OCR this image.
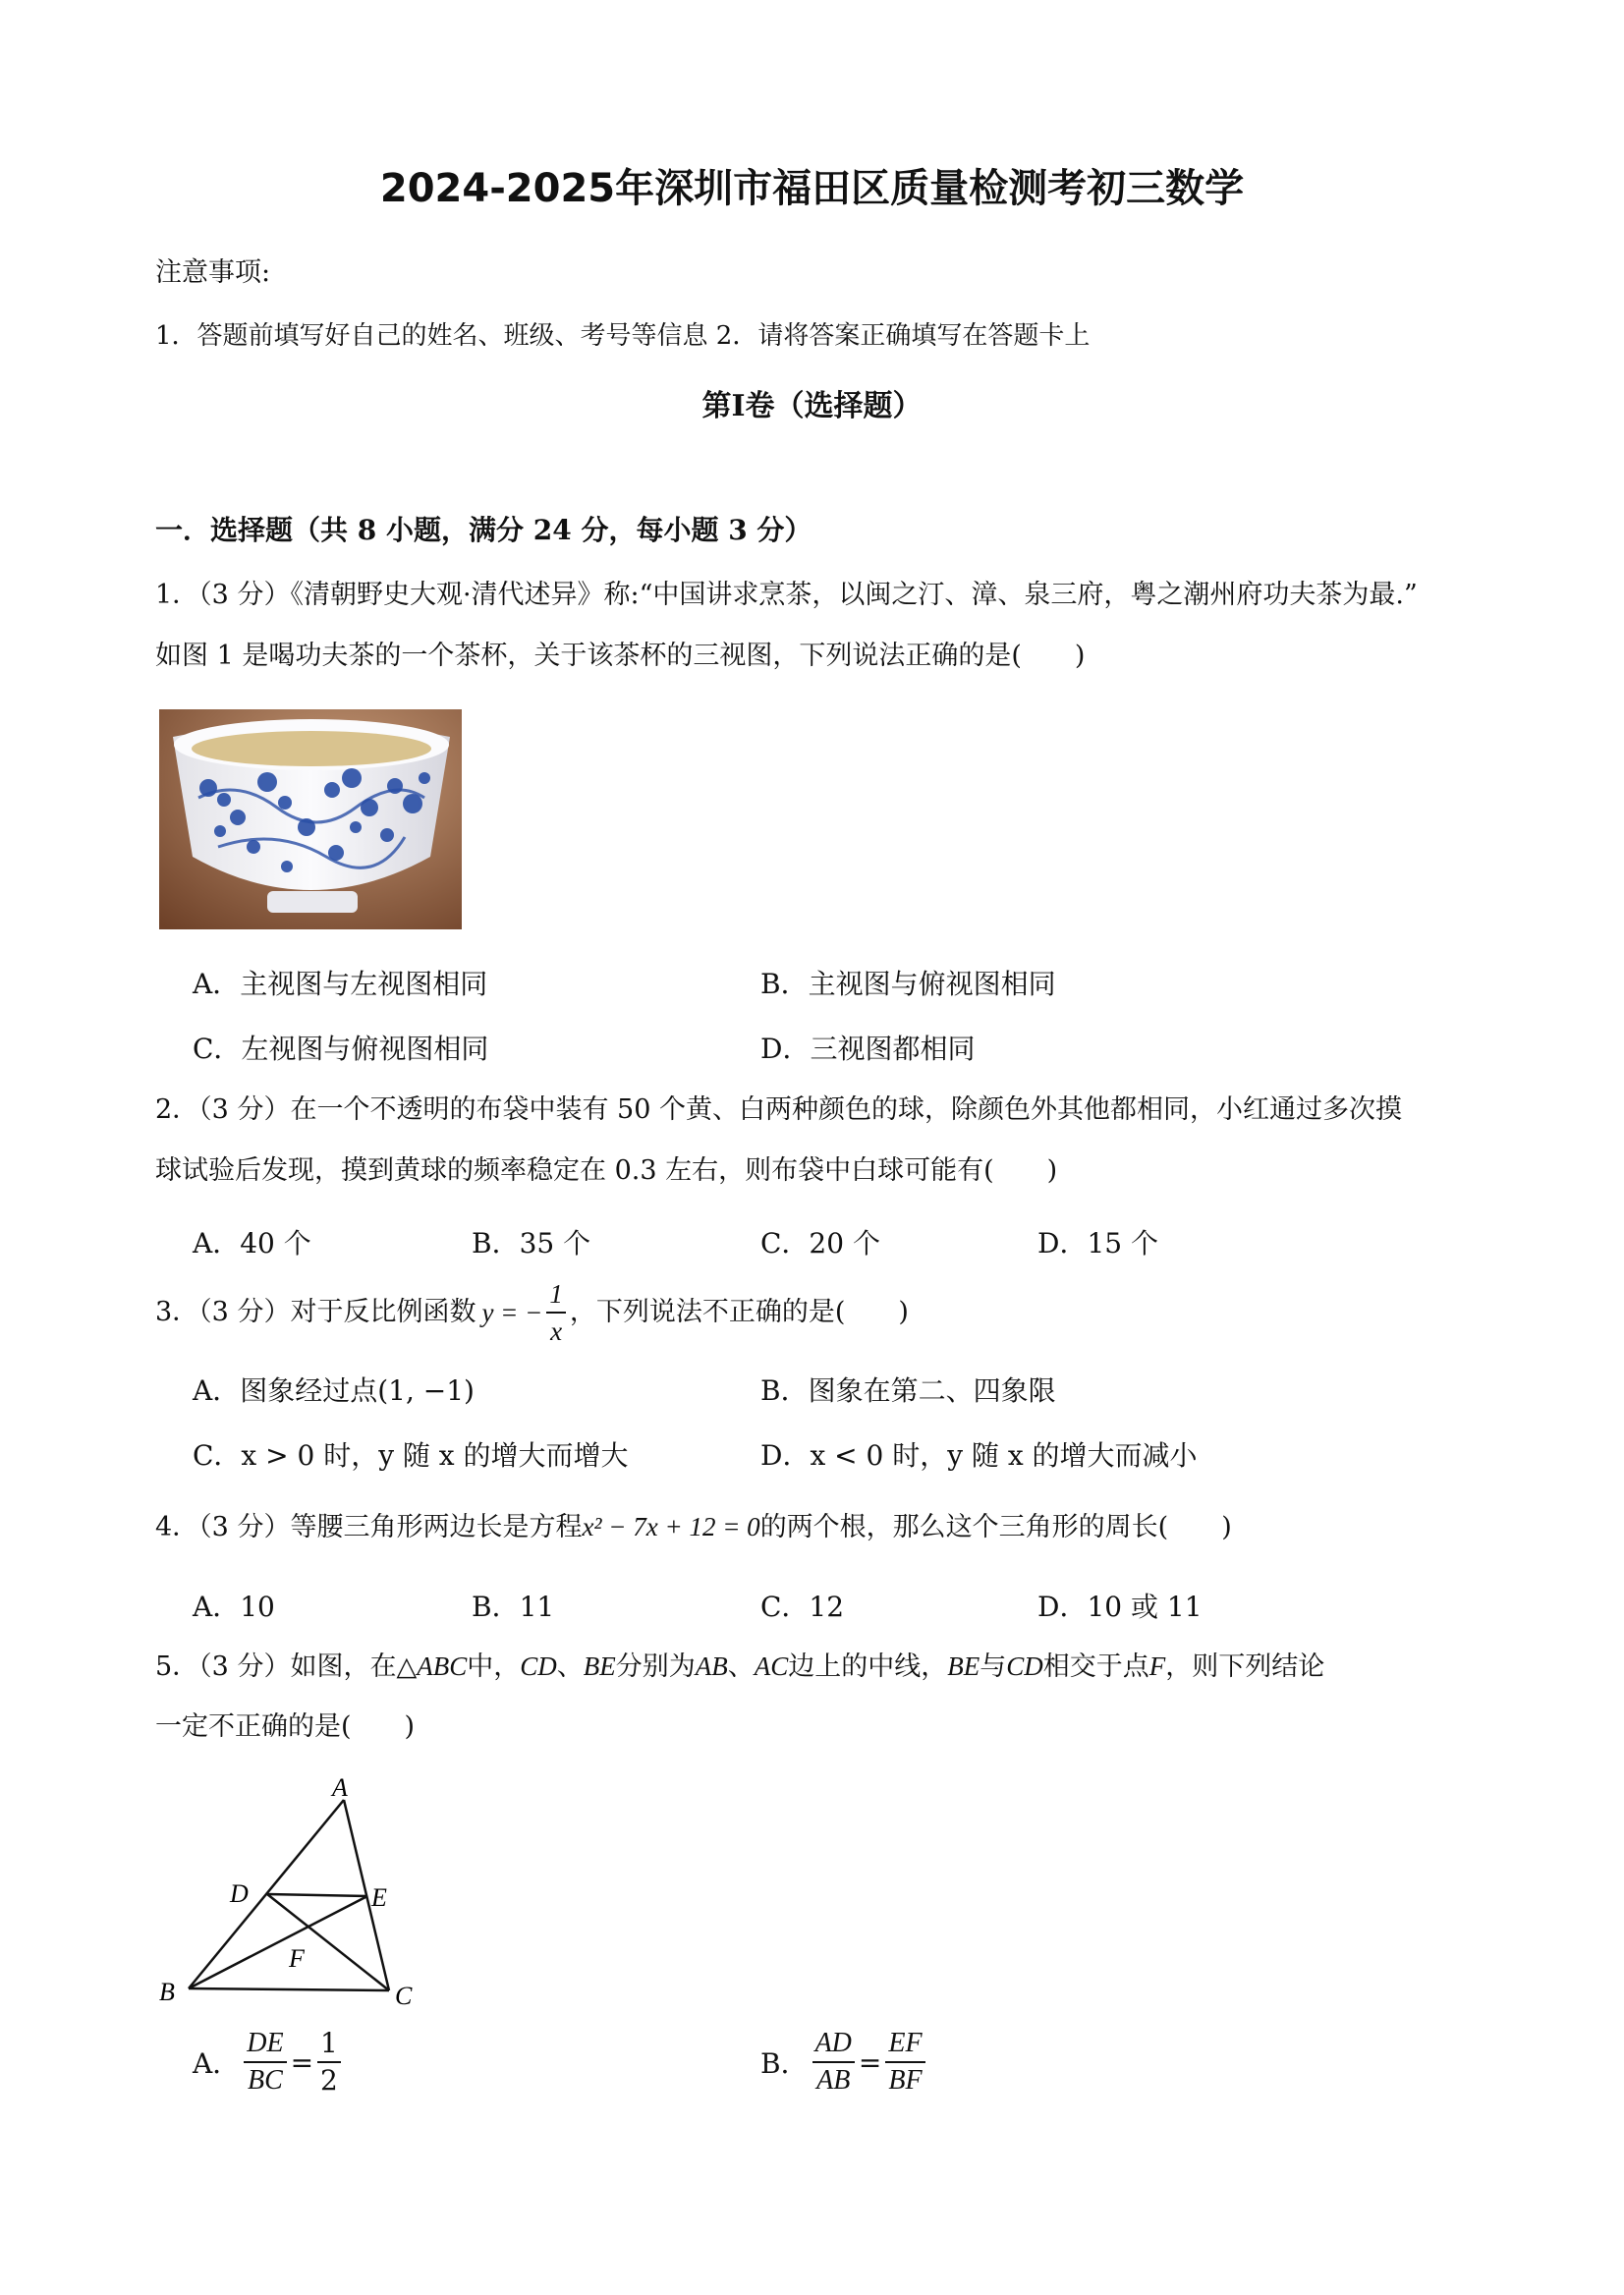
2024-2025年深圳市福田区质量检测考初三数学
注意事项:
1．答题前填写好自己的姓名、班级、考号等信息 2．请将答案正确填写在答题卡上
第Ⅰ卷（选择题）
一．选择题（共 8 小题，满分 24 分，每小题 3 分）
1．（3 分）《清朝野史大观·清代述异》称:“中国讲求烹茶，以闽之汀、漳、泉三府，粤之潮州府功夫茶为最.”
如图 1 是喝功夫茶的一个茶杯，关于该茶杯的三视图，下列说法正确的是(　　)
A．主视图与左视图相同	B．主视图与俯视图相同
C．左视图与俯视图相同	D．三视图都相同
2．（3 分）在一个不透明的布袋中装有 50 个黄、白两种颜色的球，除颜色外其他都相同，小红通过多次摸
球试验后发现，摸到黄球的频率稳定在 0.3 左右，则布袋中白球可能有(　　)
A．40 个	B．35 个	C．20 个	D．15 个
3．（3 分）对于反比例函数 y = − $\frac{1}{x}$ ，下列说法不正确的是(　　)
A．图象经过点(1, −1)	B．图象在第二、四象限
C．x > 0 时，y 随 x 的增大而增大	D．x < 0 时，y 随 x 的增大而减小
4．（3 分）等腰三角形两边长是方程x² − 7x + 12 = 0的两个根，那么这个三角形的周长(　　)
A．10	B．11	C．12	D．10 或 11
5．（3 分）如图，在△ABC中，CD、BE分别为AB、AC边上的中线，BE与CD相交于点F，则下列结论
一定不正确的是(　　)
A
B	C
D	E
F
A． $\frac{DE}{BC} = \frac{1}{2}$	B． $\frac{AD}{AB} = \frac{EF}{BF}$
